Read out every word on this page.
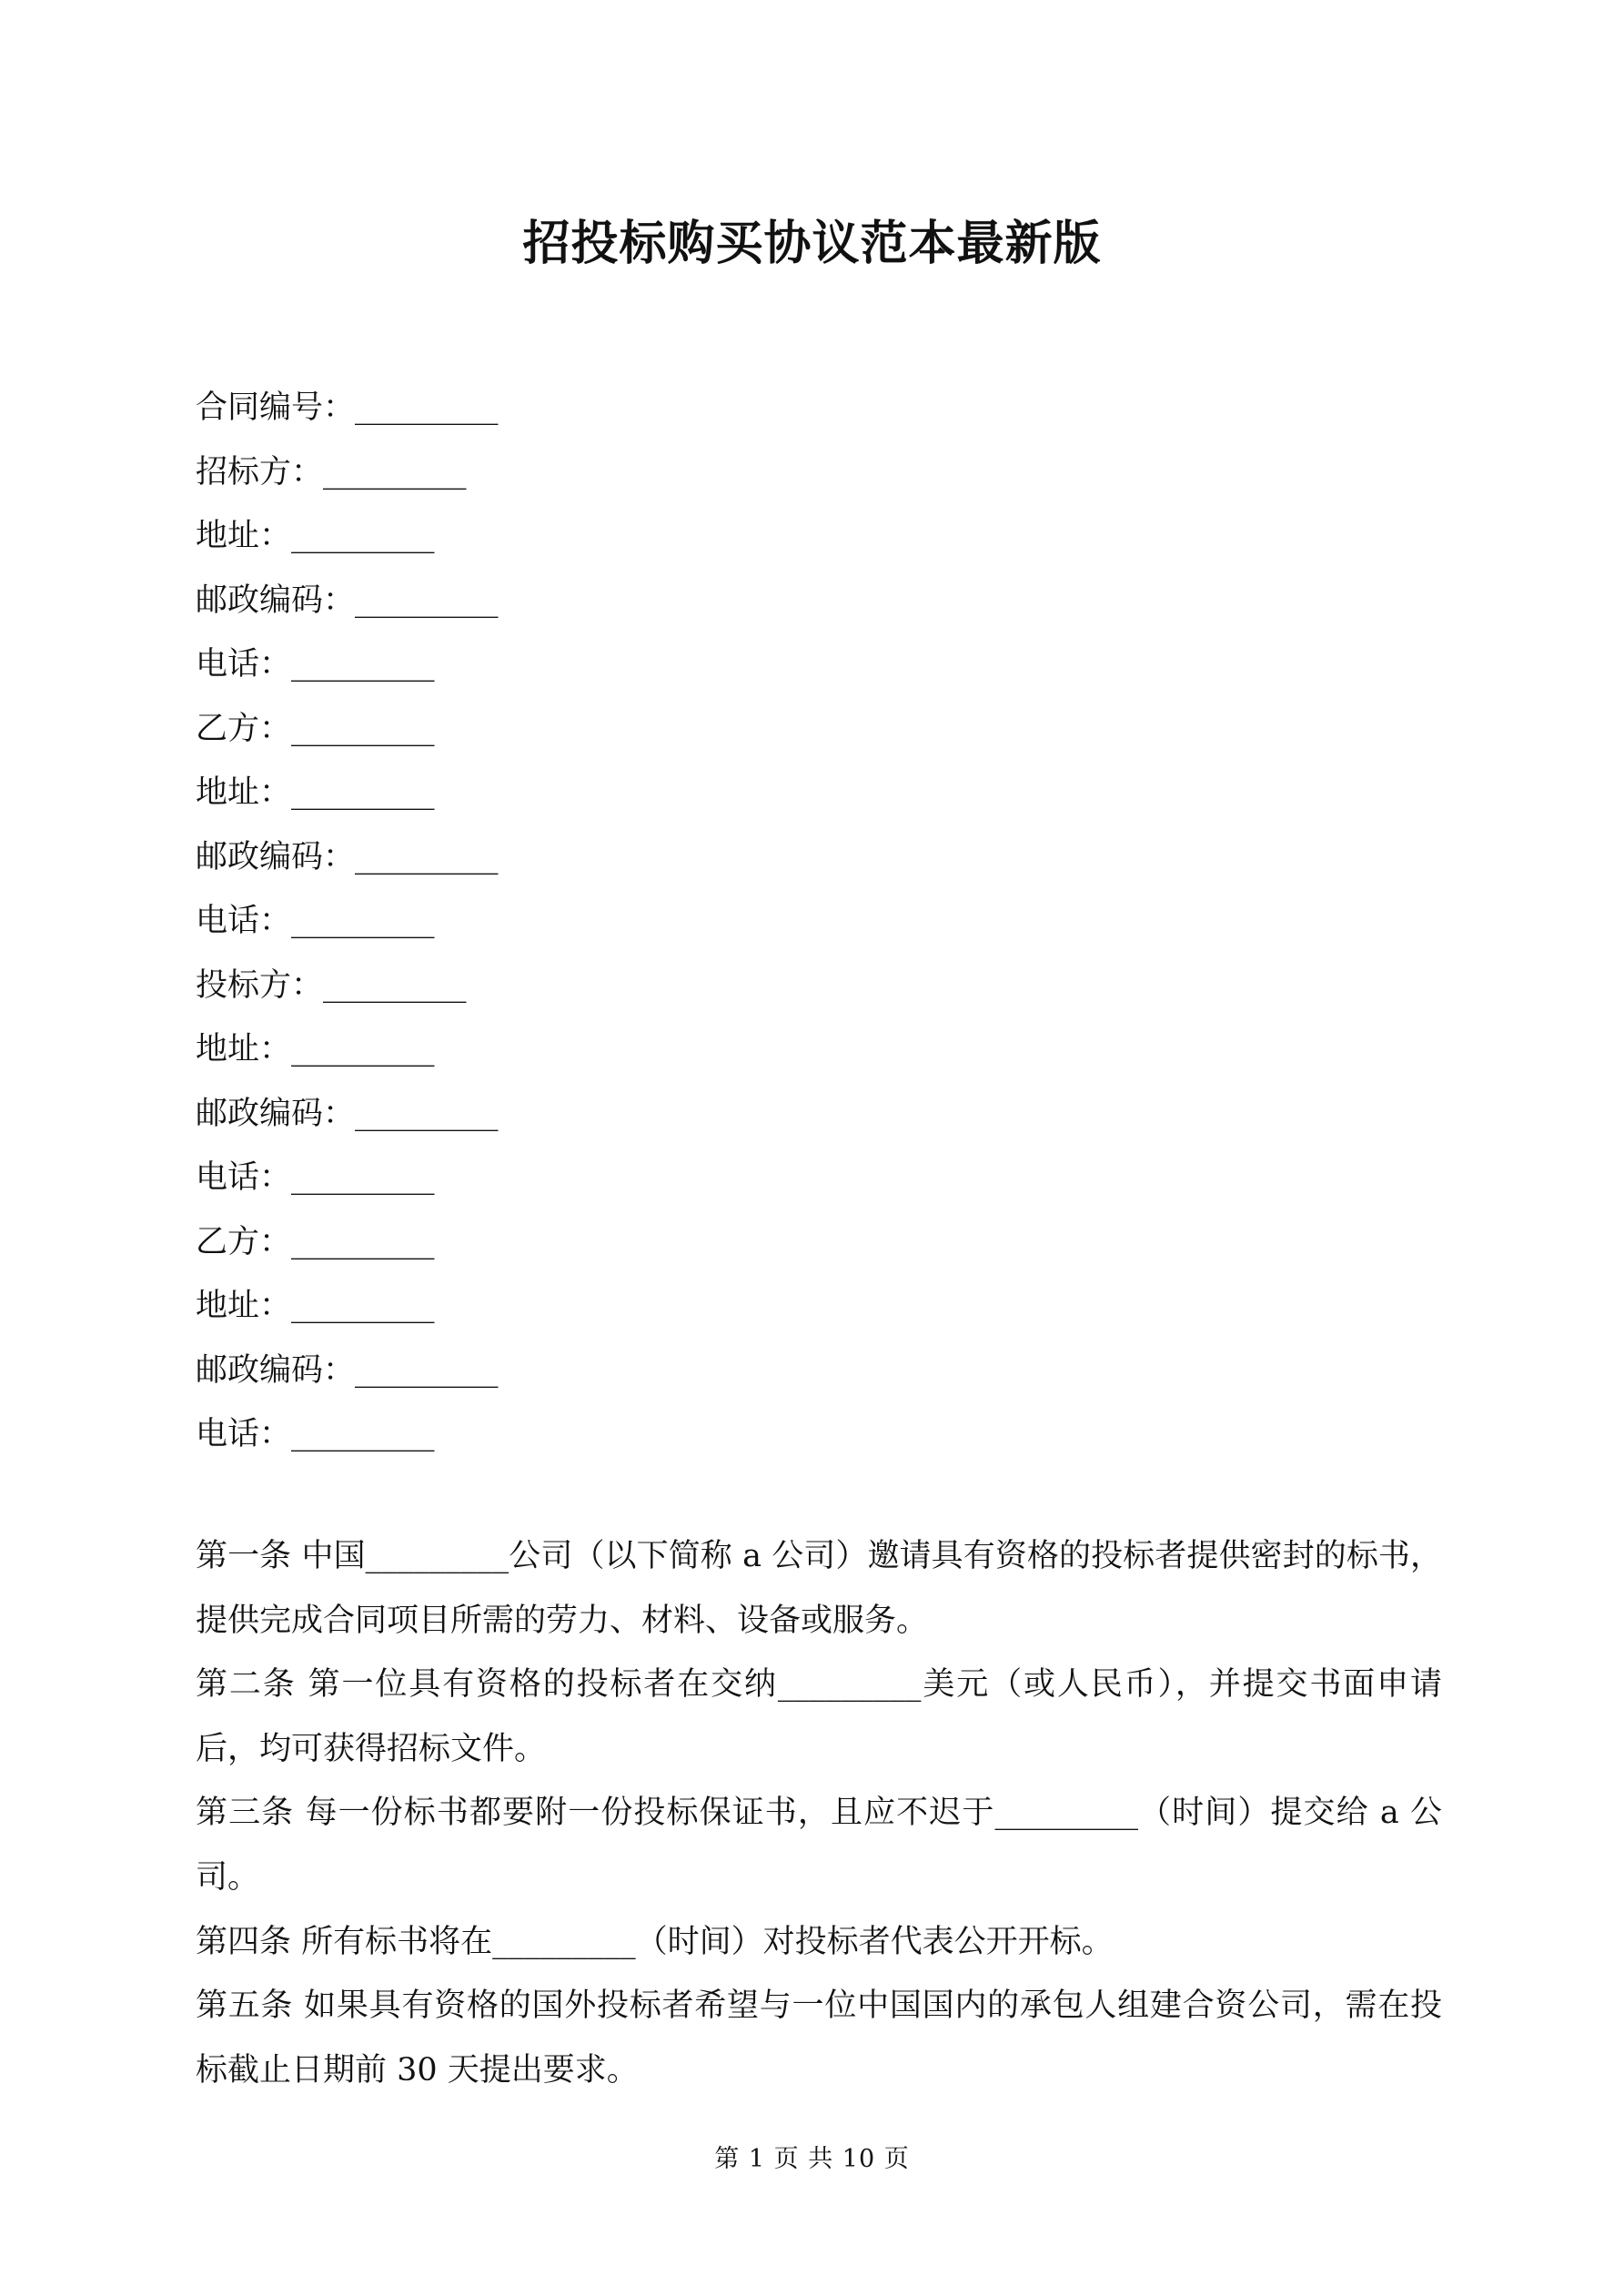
招投标购买协议范本最新版
合同编号：_________
招标方：_________
地址：_________
邮政编码：_________
电话：_________
乙方：_________
地址：_________
邮政编码：_________
电话：_________
投标方：_________
地址：_________
邮政编码：_________
电话：_________
乙方：_________
地址：_________
邮政编码：_________
电话：_________
第一条 中国_________公司（以下简称 a 公司）邀请具有资格的投标者提供密封的标书，提供完成合同项目所需的劳力、材料、设备或服务。
第二条 第一位具有资格的投标者在交纳_________美元（或人民币），并提交书面申请后，均可获得招标文件。
第三条 每一份标书都要附一份投标保证书，且应不迟于_________（时间）提交给 a 公司。
第四条 所有标书将在_________（时间）对投标者代表公开开标。
第五条 如果具有资格的国外投标者希望与一位中国国内的承包人组建合资公司，需在投标截止日期前 30 天提出要求。
第 1 页 共 10 页
